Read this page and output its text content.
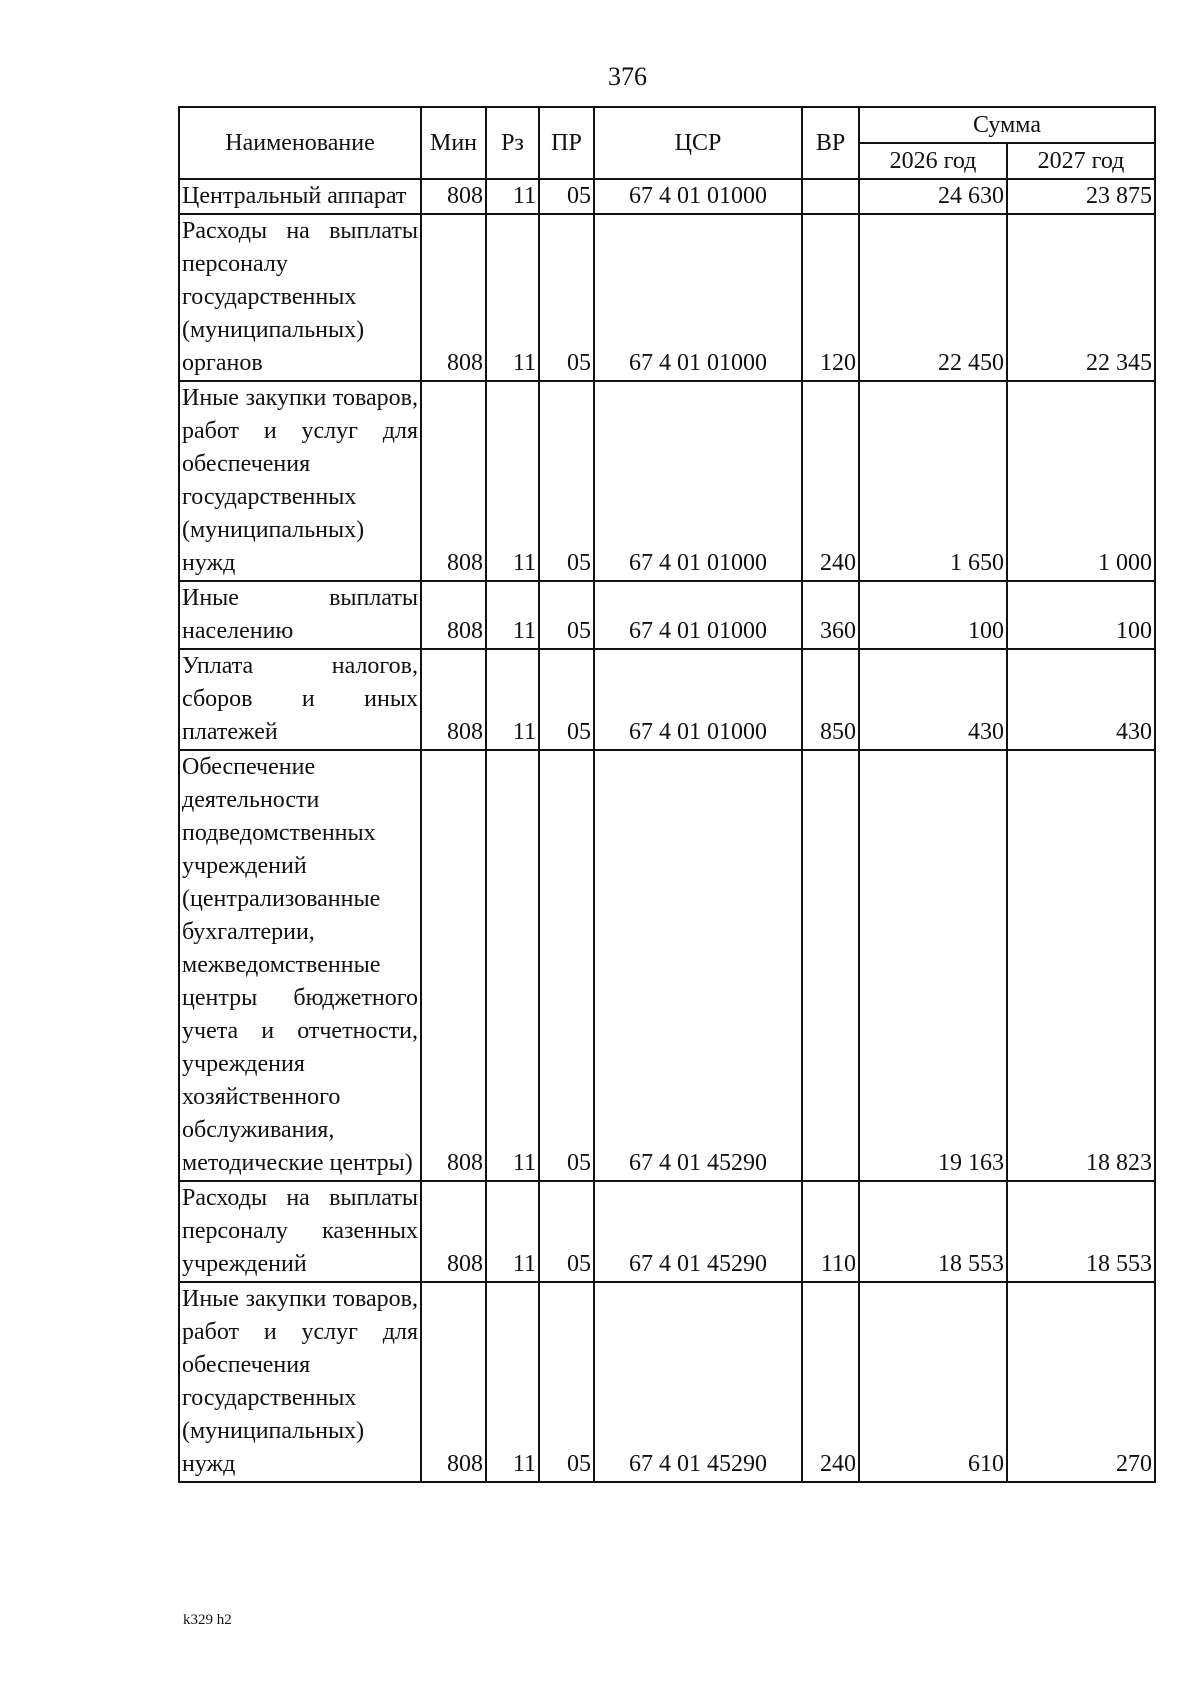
376
Наименование	Мин	Рз	ПР	ЦСР	ВР	Сумма	
						2026 год	2027 год
Центральный аппарат	808	11	05	67 4 01 01000		24 630	23 875
Расходы на выплаты персоналу государственных (муниципальных) органов	808	11	05	67 4 01 01000	120	22 450	22 345
Иные закупки товаров, работ и услуг для обеспечения государственных (муниципальных) нужд	808	11	05	67 4 01 01000	240	1 650	1 000
Иные выплаты населению	808	11	05	67 4 01 01000	360	100	100
Уплата налогов, сборов и иных платежей	808	11	05	67 4 01 01000	850	430	430
Обеспечение деятельности подведомственных учреждений (централизованные бухгалтерии, межведомственные центры бюджетного учета и отчетности, учреждения хозяйственного обслуживания, методические центры)	808	11	05	67 4 01 45290		19 163	18 823
Расходы на выплаты персоналу казенных учреждений	808	11	05	67 4 01 45290	110	18 553	18 553
Иные закупки товаров, работ и услуг для обеспечения государственных (муниципальных) нужд	808	11	05	67 4 01 45290	240	610	270
k329 h2
